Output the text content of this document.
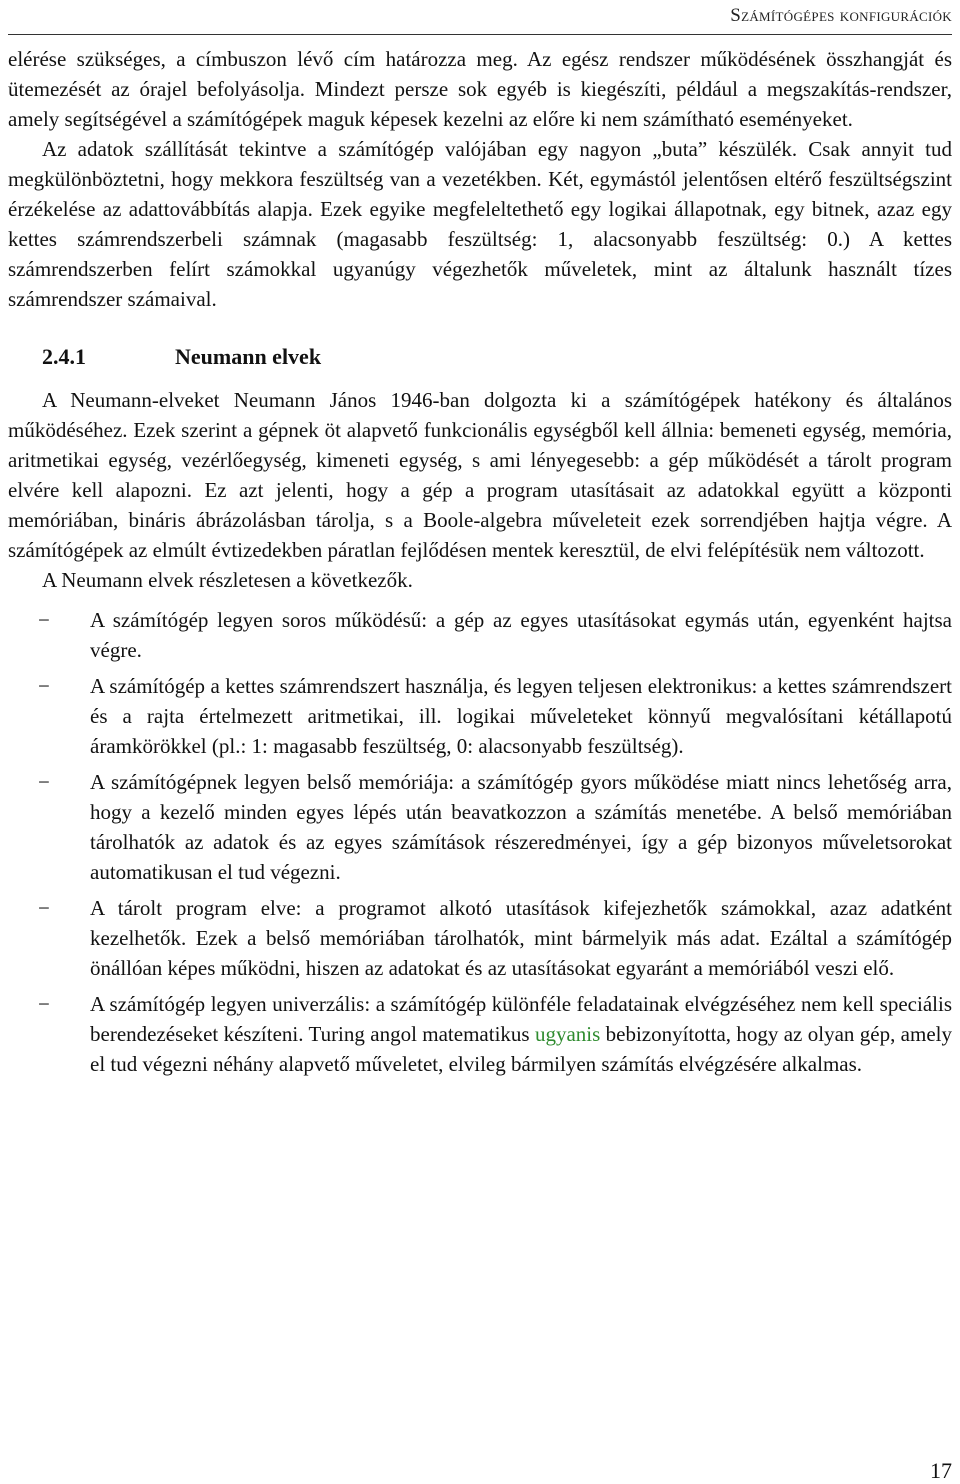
Számítógépes konfigurációk

elérése szükséges, a címbuszon lévő cím határozza meg. Az egész rendszer működésének összhangját és ütemezését az órajel befolyásolja. Mindezt persze sok egyéb is kiegészíti, például a megszakítás-rendszer, amely segítségével a számítógépek maguk képesek kezelni az előre ki nem számítható eseményeket.

Az adatok szállítását tekintve a számítógép valójában egy nagyon „buta” készülék. Csak annyit tud megkülönböztetni, hogy mekkora feszültség van a vezetékben. Két, egymástól jelentősen eltérő feszültségszint érzékelése az adattovábbítás alapja. Ezek egyike megfeleltethető egy logikai állapotnak, egy bitnek, azaz egy kettes számrendszerbeli számnak (magasabb feszültség: 1, alacsonyabb feszültség: 0.) A kettes számrendszerben felírt számokkal ugyanúgy végezhetők műveletek, mint az általunk használt tízes számrendszer számaival.

2.4.1	Neumann elvek

A Neumann-elveket Neumann János 1946-ban dolgozta ki a számítógépek hatékony és általános működéséhez. Ezek szerint a gépnek öt alapvető funkcionális egységből kell állnia: bemeneti egység, memória, aritmetikai egység, vezérlőegység, kimeneti egység, s ami lényegesebb: a gép működését a tárolt program elvére kell alapozni. Ez azt jelenti, hogy a gép a program utasításait az adatokkal együtt a központi memóriában, bináris ábrázolásban tárolja, s a Boole-algebra műveleteit ezek sorrendjében hajtja végre. A számítógépek az elmúlt évtizedekben páratlan fejlődésen mentek keresztül, de elvi felépítésük nem változott.

A Neumann elvek részletesen a következők.

− A számítógép legyen soros működésű: a gép az egyes utasításokat egymás után, egyenként hajtsa végre.
− A számítógép a kettes számrendszert használja, és legyen teljesen elektronikus: a kettes számrendszert és a rajta értelmezett aritmetikai, ill. logikai műveleteket könnyű megvalósítani kétállapotú áramkörökkel (pl.: 1: magasabb feszültség, 0: alacsonyabb feszültség).
− A számítógépnek legyen belső memóriája: a számítógép gyors működése miatt nincs lehetőség arra, hogy a kezelő minden egyes lépés után beavatkozzon a számítás menetébe. A belső memóriában tárolhatók az adatok és az egyes számítások részeredményei, így a gép bizonyos műveletsorokat automatikusan el tud végezni.
− A tárolt program elve: a programot alkotó utasítások kifejezhetők számokkal, azaz adatként kezelhetők. Ezek a belső memóriában tárolhatók, mint bármelyik más adat. Ezáltal a számítógép önállóan képes működni, hiszen az adatokat és az utasításokat egyaránt a memóriából veszi elő.
− A számítógép legyen univerzális: a számítógép különféle feladatainak elvégzéséhez nem kell speciális berendezéseket készíteni. Turing angol matematikus ugyanis bebizonyította, hogy az olyan gép, amely el tud végezni néhány alapvető műveletet, elvileg bármilyen számítás elvégzésére alkalmas.
17
